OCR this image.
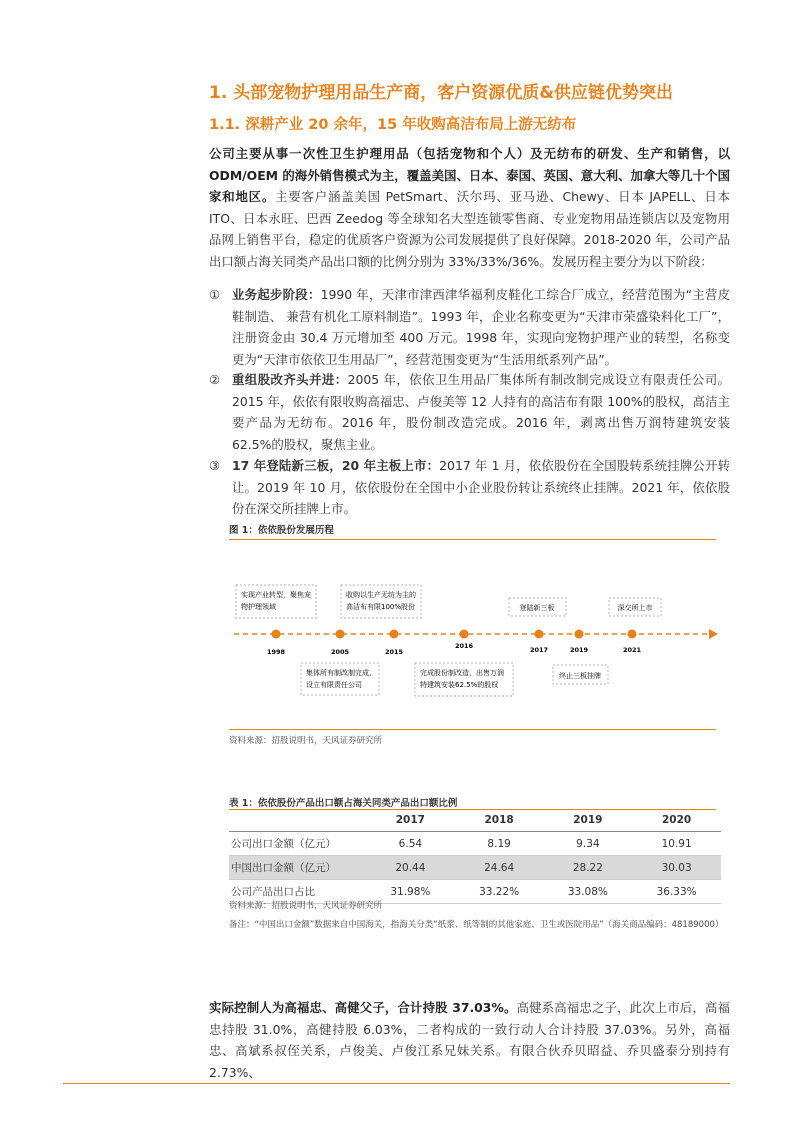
1. 头部宠物护理用品生产商，客户资源优质&供应链优势突出
1.1. 深耕产业 20 余年，15 年收购高洁布局上游无纺布
公司主要从事一次性卫生护理用品（包括宠物和个人）及无纺布的研发、生产和销售，以ODM/OEM 的海外销售模式为主，覆盖美国、日本、泰国、英国、意大利、加拿大等几十个国家和地区。主要客户涵盖美国 PetSmart、沃尔玛、亚马逊、Chewy、日本 JAPELL、日本 ITO、日本永旺、巴西 Zeedog 等全球知名大型连锁零售商、专业宠物用品连锁店以及宠物用品网上销售平台，稳定的优质客户资源为公司发展提供了良好保障。2018-2020 年，公司产品出口额占海关同类产品出口额的比例分别为 33%/33%/36%。发展历程主要分为以下阶段：
① 业务起步阶段：1990 年，天津市津西津华福利皮鞋化工综合厂成立，经营范围为“主营皮鞋制造、 兼营有机化工原料制造”。1993 年，企业名称变更为“天津市荣盛染料化工厂”，注册资金由 30.4 万元增加至 400 万元。1998 年，实现向宠物护理产业的转型，名称变更为“天津市依依卫生用品厂”，经营范围变更为“生活用纸系列产品”。
② 重组股改齐头并进：2005 年，依依卫生用品厂集体所有制改制完成设立有限责任公司。2015 年，依依有限收购高福忠、卢俊美等 12 人持有的高洁布有限 100%的股权，高洁主要产品为无纺布。2016 年，股份制改造完成。2016 年，剥离出售万润特建筑安装 62.5%的股权，聚焦主业。
③ 17 年登陆新三板，20 年主板上市：2017 年 1 月，依依股份在全国股转系统挂牌公开转让。2019 年 10 月，依依股份在全国中小企业股份转让系统终止挂牌。2021 年，依依股份在深交所挂牌上市。
图 1：依依股份发展历程
1998	2005	2015
2016	2017	2019	2021
实现产业转型，聚焦宠
物护理领域
收购以生产无纺为主的
高洁布有限100%股份	登陆新三板	深交所上市
集体所有制改制完成，
设立有限责任公司
完成股份制改造，出售万润
特建筑安装62.5%的股权
终止三板挂牌
资料来源：招股说明书，天风证券研究所
表 1：依依股份产品出口额占海关同类产品出口额比例
	2017	2018	2019	2020
公司出口金额（亿元）	6.54	8.19	9.34	10.91
中国出口金额（亿元）	20.44	24.64	28.22	30.03
公司产品出口占比	31.98%	33.22%	33.08%	36.33%
资料来源：招股说明书，天风证券研究所
备注：“中国出口金额”数据来自中国海关，指海关分类“纸浆、纸等制的其他家庭、卫生或医院用品”（海关商品编码：48189000）
实际控制人为高福忠、高健父子，合计持股 37.03%。高健系高福忠之子，此次上市后，高福忠持股 31.0%，高健持股 6.03%，二者构成的一致行动人合计持股 37.03%。另外，高福忠、高斌系叔侄关系，卢俊美、卢俊江系兄妹关系。有限合伙乔贝昭益、乔贝盛泰分别持有 2.73%、
